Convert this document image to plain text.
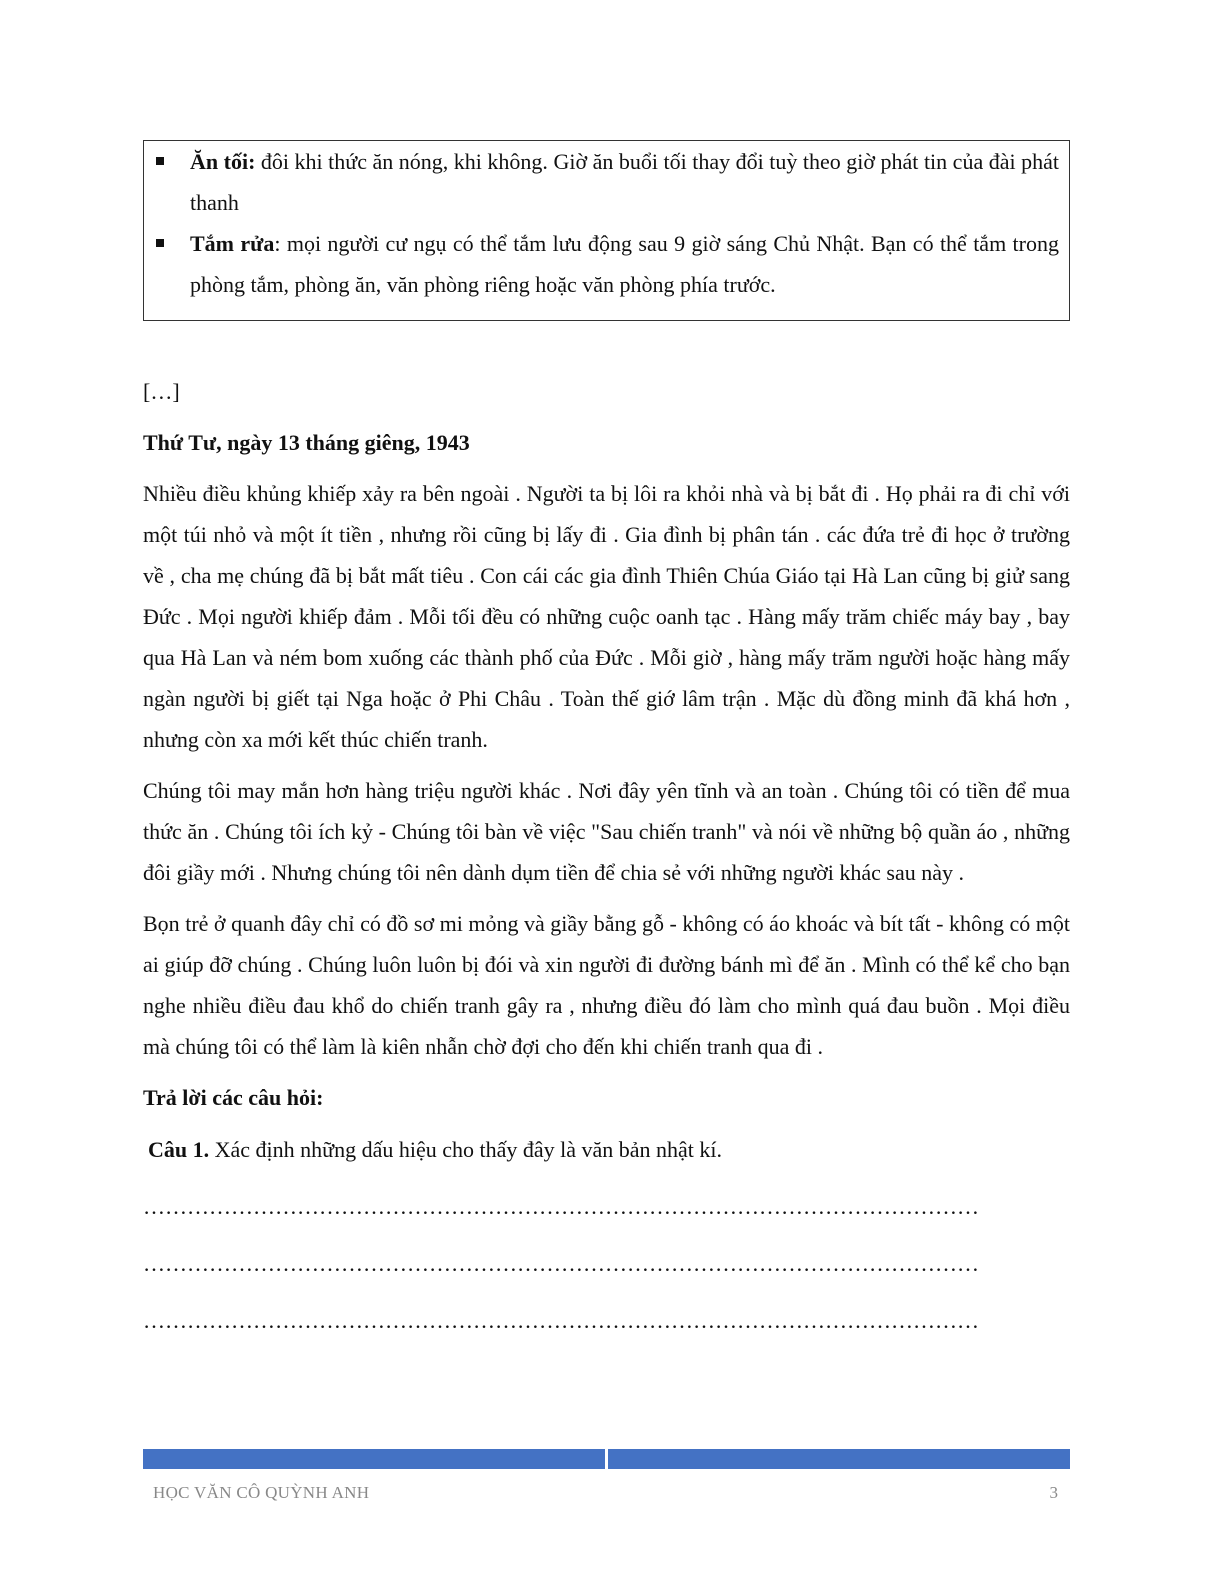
Ăn tối: đôi khi thức ăn nóng, khi không. Giờ ăn buổi tối thay đổi tuỳ theo giờ phát tin của đài phát thanh
Tắm rửa: mọi người cư ngụ có thể tắm lưu động sau 9 giờ sáng Chủ Nhật. Bạn có thể tắm trong phòng tắm, phòng ăn, văn phòng riêng hoặc văn phòng phía trước.
[…]
Thứ Tư, ngày 13 tháng giêng, 1943

Nhiều điều khủng khiếp xảy ra bên ngoài . Người ta bị lôi ra khỏi nhà và bị bắt đi . Họ phải ra đi chỉ với một túi nhỏ và một ít tiền , nhưng rồi cũng bị lấy đi . Gia đình bị phân tán . các đứa trẻ đi học ở trường về , cha mẹ chúng đã bị bắt mất tiêu . Con cái các gia đình Thiên Chúa Giáo tại Hà Lan cũng bị giử sang Đức . Mọi người khiếp đảm . Mỗi tối đều có những cuộc oanh tạc . Hàng mấy trăm chiếc máy bay , bay qua Hà Lan và ném bom xuống các thành phố của Đức . Mỗi giờ , hàng mấy trăm người hoặc hàng mấy ngàn người bị giết tại Nga hoặc ở Phi Châu . Toàn thế giớ lâm trận . Mặc dù đồng minh đã khá hơn , nhưng còn xa mới kết thúc chiến tranh.

Chúng tôi may mắn hơn hàng triệu người khác . Nơi đây yên tĩnh và an toàn . Chúng tôi có tiền để mua thức ăn . Chúng tôi ích kỷ - Chúng tôi bàn về việc "Sau chiến tranh" và nói về những bộ quần áo , những đôi giầy mới . Nhưng chúng tôi nên dành dụm tiền để chia sẻ với những người khác sau này .

Bọn trẻ ở quanh đây chỉ có đồ sơ mi mỏng và giầy bằng gỗ - không có áo khoác và bít tất - không có một ai giúp đỡ chúng . Chúng luôn luôn bị đói và xin người đi đường bánh mì để ăn . Mình có thể kể cho bạn nghe nhiều điều đau khổ do chiến tranh gây ra , nhưng điều đó làm cho mình quá đau buồn . Mọi điều mà chúng tôi có thể làm là kiên nhẫn chờ đợi cho đến khi chiến tranh qua đi .

Trả lời các câu hỏi:
Câu 1. Xác định những dấu hiệu cho thấy đây là văn bản nhật kí.
……………………………………………………………………………………………………
……………………………………………………………………………………………………
……………………………………………………………………………………………………
HỌC VĂN CÔ QUỲNH ANH	3
